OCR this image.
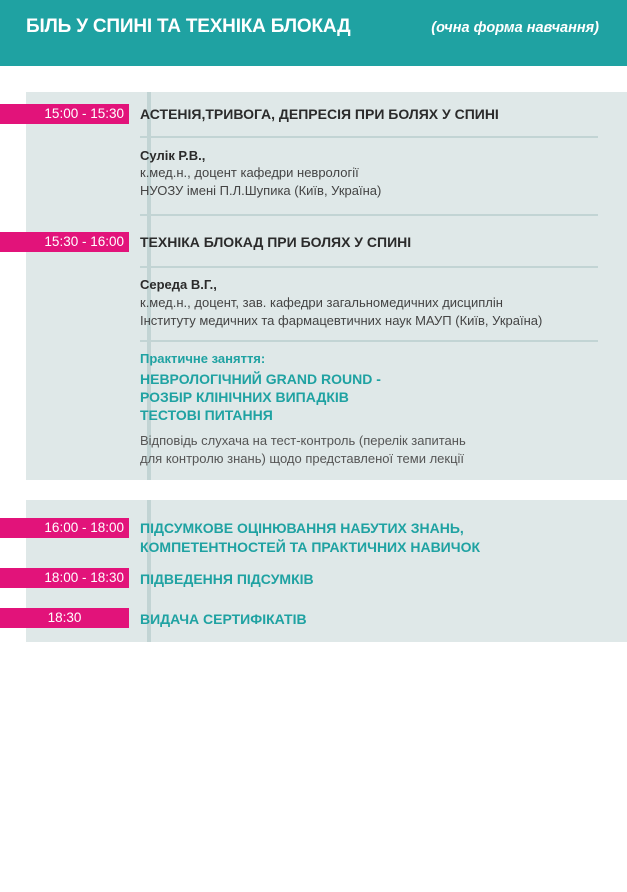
БІЛЬ У СПИНІ ТА ТЕХНІКА БЛОКАД	(очна форма навчання)
15:00 - 15:30	АСТЕНІЯ,ТРИВОГА, ДЕПРЕСІЯ ПРИ БОЛЯХ У СПИНІ
Сулік Р.В.,
к.мед.н., доцент кафедри неврології
НУОЗУ імені П.Л.Шупика (Київ, Україна)
15:30 - 16:00	ТЕХНІКА БЛОКАД ПРИ БОЛЯХ У СПИНІ
Середа В.Г.,
к.мед.н., доцент, зав. кафедри загальномедичних дисциплін
Інституту медичних та фармацевтичних наук МАУП (Київ, Україна)
Практичне заняття:
НЕВРОЛОГІЧНИЙ GRAND ROUND -
РОЗБІР КЛІНІЧНИХ ВИПАДКІВ
ТЕСТОВІ ПИТАННЯ
Відповідь слухача на тест-контроль (перелік запитань
для контролю знань) щодо представленої теми лекції
16:00 - 18:00	ПІДСУМКОВЕ ОЦІНЮВАННЯ НАБУТИХ ЗНАНЬ,
КОМПЕТЕНТНОСТЕЙ ТА ПРАКТИЧНИХ НАВИЧОК
18:00 - 18:30	ПІДВЕДЕННЯ ПІДСУМКІВ
18:30	ВИДАЧА СЕРТИФІКАТІВ
